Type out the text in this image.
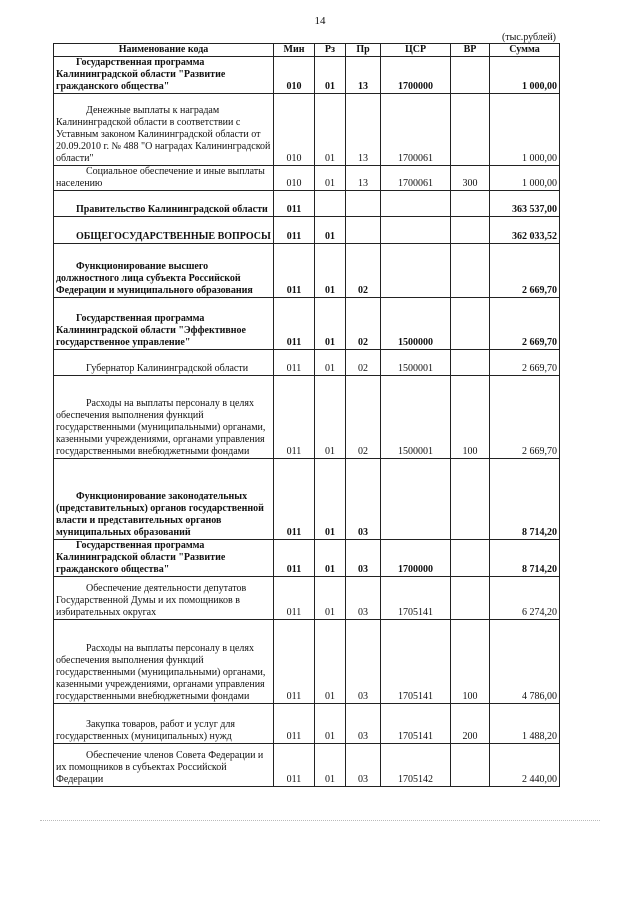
14
(тыс.рублей)
Наименование кода	Мин	Рз	Пр	ЦСР	ВР	Сумма

Государственная программа Калининградской области "Развитие гражданского общества"	010	01	13	1700000		1 000,00

Денежные выплаты к наградам Калининградской области в соответствии с Уставным законом Калининградской области от 20.09.2010 г. № 488 "О наградах Калининградской области"	010	01	13	1700061		1 000,00

Социальное обеспечение и иные выплаты населению	010	01	13	1700061	300	1 000,00

Правительство Калининградской области	011					363 537,00

ОБЩЕГОСУДАРСТВЕННЫЕ ВОПРОСЫ	011	01				362 033,52

Функционирование высшего должностного лица субъекта Российской Федерации и муниципального образования	011	01	02			2 669,70

Государственная программа Калининградской области "Эффективное государственное управление"	011	01	02	1500000		2 669,70

Губернатор Калининградской области	011	01	02	1500001		2 669,70

Расходы на выплаты персоналу в целях обеспечения выполнения функций государственными (муниципальными) органами, казенными учреждениями, органами управления государственными внебюджетными фондами	011	01	02	1500001	100	2 669,70

Функционирование законодательных (представительных) органов государственной власти и представительных органов муниципальных образований	011	01	03			8 714,20

Государственная программа Калининградской области "Развитие гражданского общества"	011	01	03	1700000		8 714,20

Обеспечение деятельности депутатов Государственной Думы и их помощников в избирательных округах	011	01	03	1705141		6 274,20

Расходы на выплаты персоналу в целях обеспечения выполнения функций государственными (муниципальными) органами, казенными учреждениями, органами управления государственными внебюджетными фондами	011	01	03	1705141	100	4 786,00

Закупка товаров, работ и услуг для государственных (муниципальных) нужд	011	01	03	1705141	200	1 488,20

Обеспечение членов Совета Федерации и их помощников в субъектах Российской Федерации	011	01	03	1705142		2 440,00
